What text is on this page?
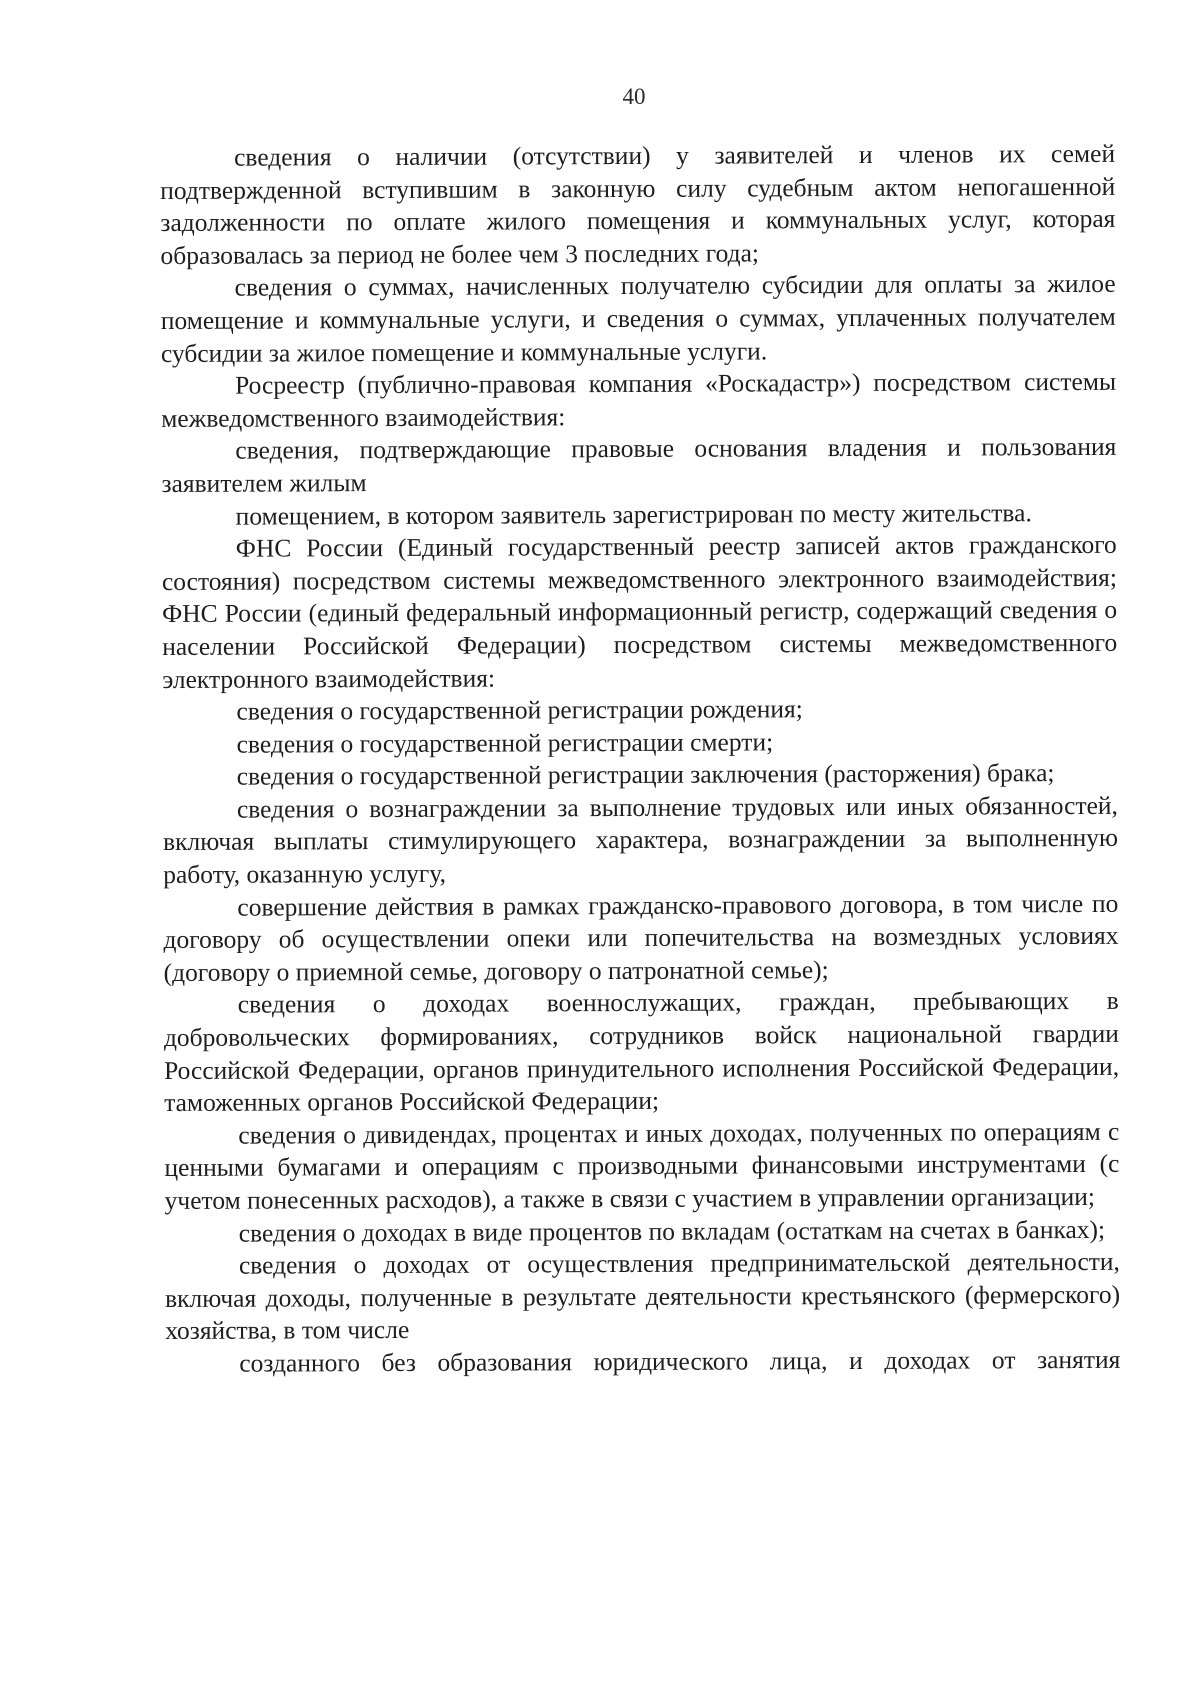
40

сведения о наличии (отсутствии) у заявителей и членов их семей подтвержденной вступившим в законную силу судебным актом непогашенной задолженности по оплате жилого помещения и коммунальных услуг, которая образовалась за период не более чем 3 последних года;

сведения о суммах, начисленных получателю субсидии для оплаты за жилое помещение и коммунальные услуги, и сведения о суммах, уплаченных получателем субсидии за жилое помещение и коммунальные услуги.

Росреестр (публично-правовая компания «Роскадастр») посредством системы межведомственного взаимодействия:

сведения, подтверждающие правовые основания владения и пользования заявителем жилым

помещением, в котором заявитель зарегистрирован по месту жительства.

ФНС России (Единый государственный реестр записей актов гражданского состояния) посредством системы межведомственного электронного взаимодействия; ФНС России (единый федеральный информационный регистр, содержащий сведения о населении Российской Федерации) посредством системы межведомственного электронного взаимодействия:

сведения о государственной регистрации рождения;

сведения о государственной регистрации смерти;

сведения о государственной регистрации заключения (расторжения) брака;

сведения о вознаграждении за выполнение трудовых или иных обязанностей, включая выплаты стимулирующего характера, вознаграждении за выполненную работу, оказанную услугу,

совершение действия в рамках гражданско-правового договора, в том числе по договору об осуществлении опеки или попечительства на возмездных условиях (договору о приемной семье, договору о патронатной семье);

сведения о доходах военнослужащих, граждан, пребывающих в добровольческих формированиях, сотрудников войск национальной гвардии Российской Федерации, органов принудительного исполнения Российской Федерации, таможенных органов Российской Федерации;

сведения о дивидендах, процентах и иных доходах, полученных по операциям с ценными бумагами и операциям с производными финансовыми инструментами (с учетом понесенных расходов), а также в связи с участием в управлении организации;

сведения о доходах в виде процентов по вкладам (остаткам на счетах в банках);

сведения о доходах от осуществления предпринимательской деятельности, включая доходы, полученные в результате деятельности крестьянского (фермерского) хозяйства, в том числе

созданного без образования юридического лица, и доходах от занятия
